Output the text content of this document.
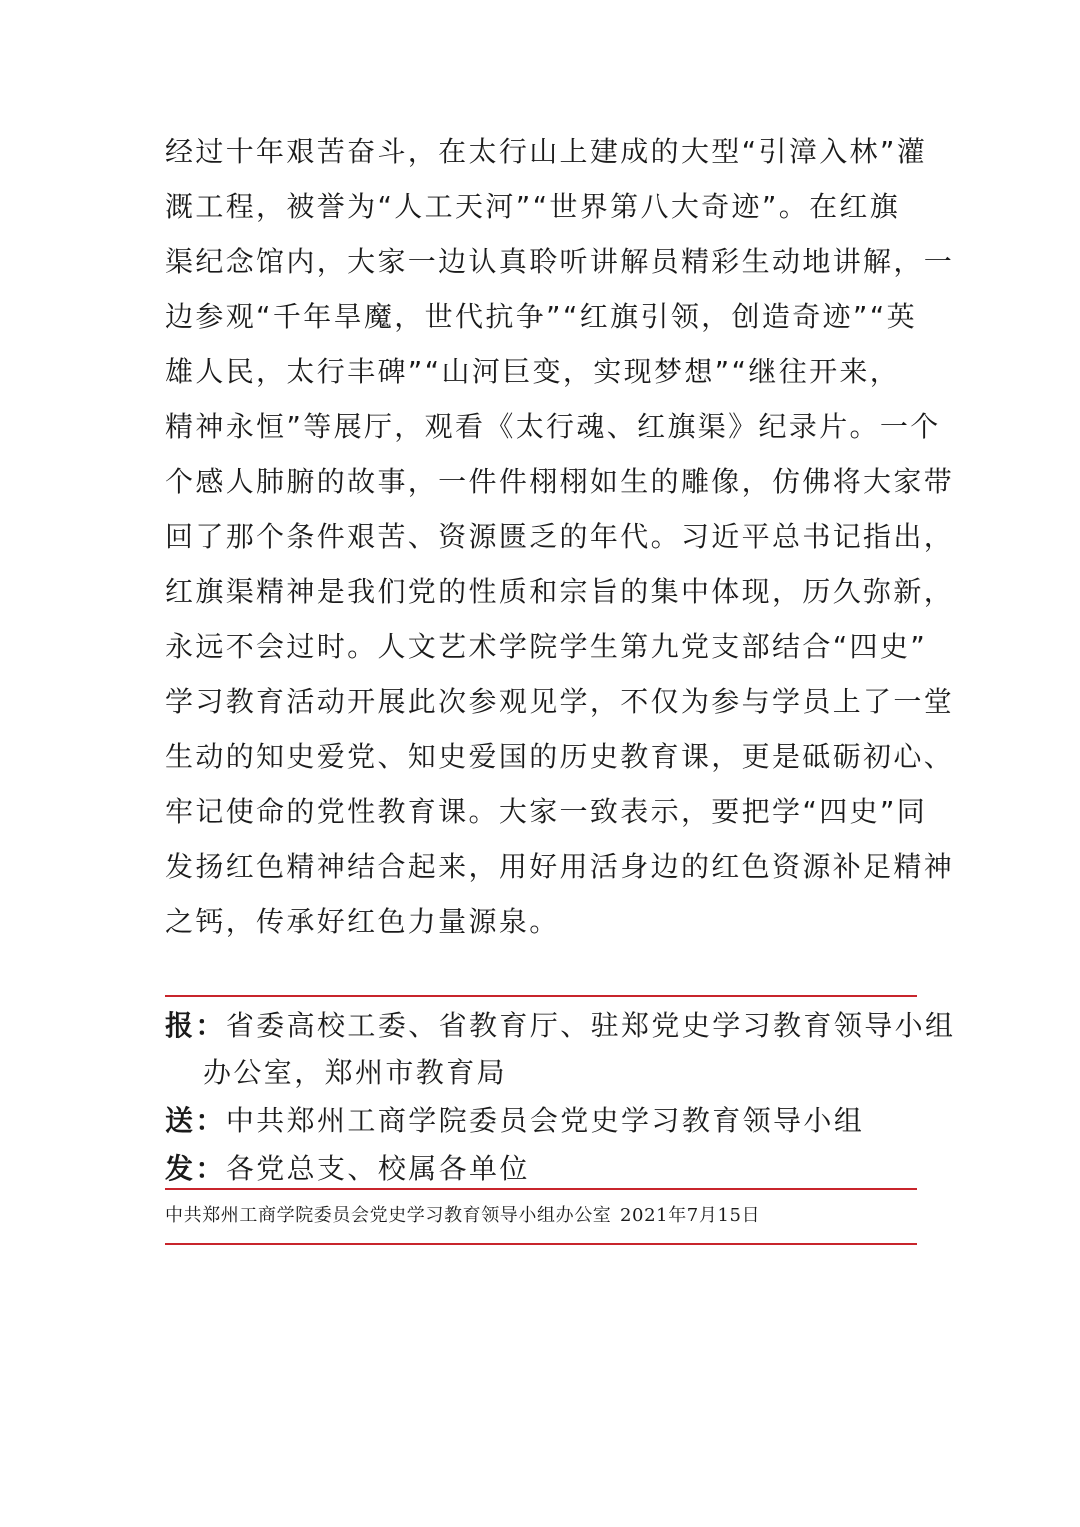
经过十年艰苦奋斗，在太行山上建成的大型“引漳入林”灌
溉工程，被誉为“人工天河”“世界第八大奇迹”。在红旗
渠纪念馆内，大家一边认真聆听讲解员精彩生动地讲解，一
边参观“千年旱魔，世代抗争”“红旗引领，创造奇迹”“英
雄人民，太行丰碑”“山河巨变，实现梦想”“继往开来，
精神永恒”等展厅，观看《太行魂、红旗渠》纪录片。一个
个感人肺腑的故事，一件件栩栩如生的雕像，仿佛将大家带
回了那个条件艰苦、资源匮乏的年代。习近平总书记指出，
红旗渠精神是我们党的性质和宗旨的集中体现，历久弥新，
永远不会过时。人文艺术学院学生第九党支部结合“四史”
学习教育活动开展此次参观见学，不仅为参与学员上了一堂
生动的知史爱党、知史爱国的历史教育课，更是砥砺初心、
牢记使命的党性教育课。大家一致表示，要把学“四史”同
发扬红色精神结合起来，用好用活身边的红色资源补足精神
之钙，传承好红色力量源泉。
报：省委高校工委、省教育厅、驻郑党史学习教育领导小组
办公室，郑州市教育局
送：中共郑州工商学院委员会党史学习教育领导小组
发：各党总支、校属各单位
中共郑州工商学院委员会党史学习教育领导小组办公室 2021年7月15日
